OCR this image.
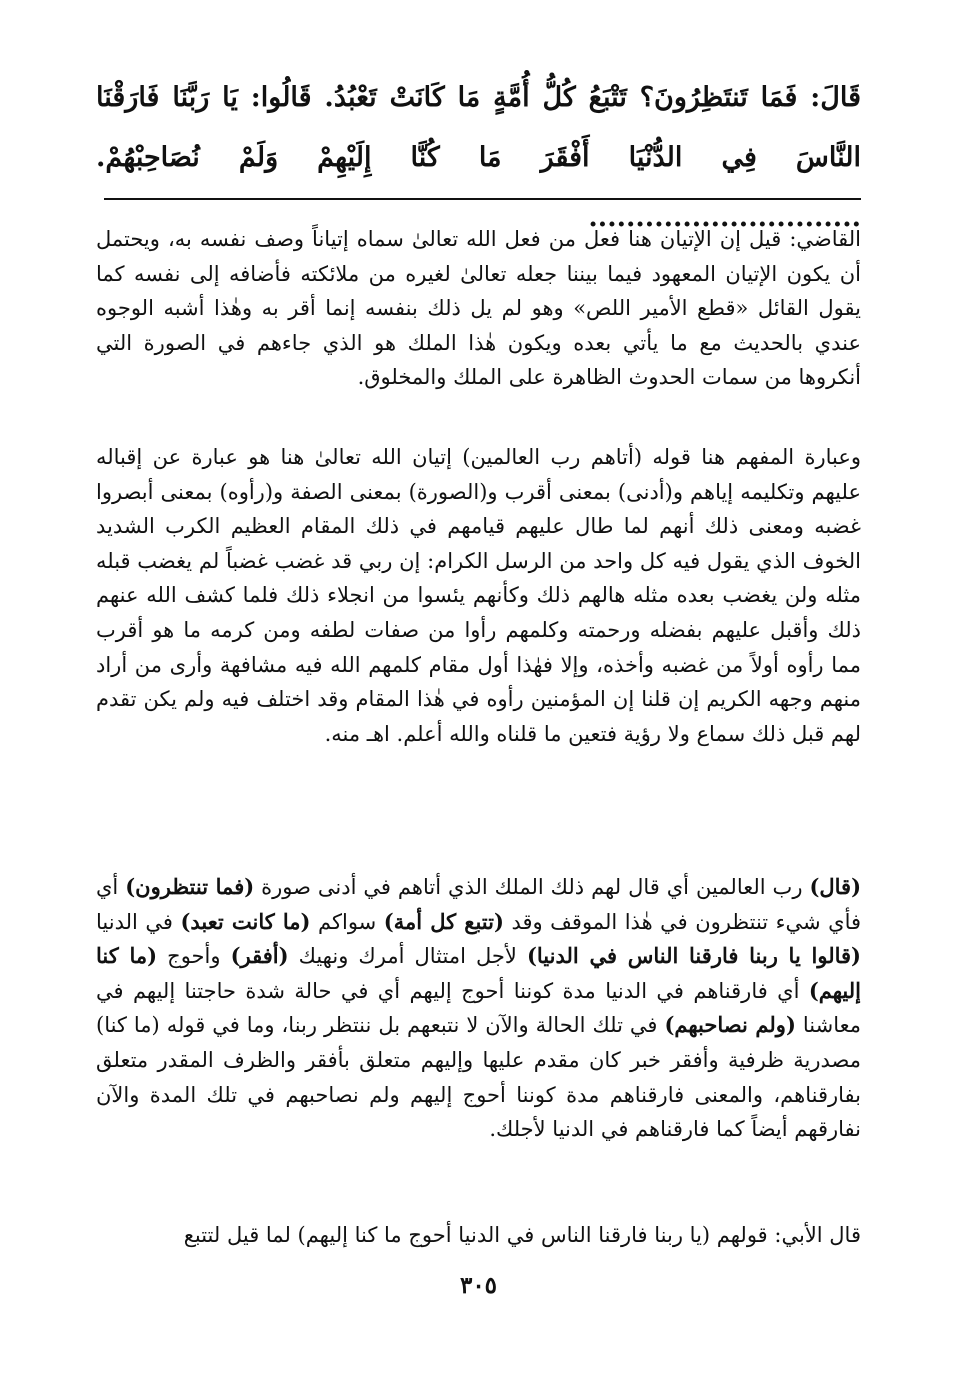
قَالَ: فَمَا تَنتَظِرُونَ؟ تَتْبَعُ كُلُّ أُمَّةٍ مَا كَانَتْ تَعْبُدُ. قَالُوا: يَا رَبَّنَا فَارَقْنَا النَّاسَ فِي الدُّنْيَا أَفْقَرَ مَا كُنَّا إِلَيْهِمْ وَلَمْ نُصَاحِبْهُمْ. .............................

القاضي: قيل إن الإتيان هنا فعل من فعل الله تعالىٰ سماه إتياناً وصف نفسه به، ويحتمل أن يكون الإتيان المعهود فيما بيننا جعله تعالىٰ لغيره من ملائكته فأضافه إلى نفسه كما يقول القائل «قطع الأمير اللص» وهو لم يل ذلك بنفسه إنما أقر به وهٰذا أشبه الوجوه عندي بالحديث مع ما يأتي بعده ويكون هٰذا الملك هو الذي جاءهم في الصورة التي أنكروها من سمات الحدوث الظاهرة على الملك والمخلوق.

وعبارة المفهم هنا قوله (أتاهم رب العالمين) إتيان الله تعالىٰ هنا هو عبارة عن إقباله عليهم وتكليمه إياهم و(أدنى) بمعنى أقرب و(الصورة) بمعنى الصفة و(رأوه) بمعنى أبصروا غضبه ومعنى ذلك أنهم لما طال عليهم قيامهم في ذلك المقام العظيم الكرب الشديد الخوف الذي يقول فيه كل واحد من الرسل الكرام: إن ربي قد غضب غضباً لم يغضب قبله مثله ولن يغضب بعده مثله هالهم ذلك وكأنهم يئسوا من انجلاء ذلك فلما كشف الله عنهم ذلك وأقبل عليهم بفضله ورحمته وكلمهم رأوا من صفات لطفه ومن كرمه ما هو أقرب مما رأوه أولاً من غضبه وأخذه، وإلا فهٰذا أول مقام كلمهم الله فيه مشافهة وأرى من أراد منهم وجهه الكريم إن قلنا إن المؤمنين رأوه في هٰذا المقام وقد اختلف فيه ولم يكن تقدم لهم قبل ذلك سماع ولا رؤية فتعين ما قلناه والله أعلم. اهـ منه.

(قال) رب العالمين أي قال لهم ذلك الملك الذي أتاهم في أدنى صورة (فما تنتظرون) أي فأي شيء تنتظرون في هٰذا الموقف وقد (تتبع كل أمة) سواكم (ما كانت تعبد) في الدنيا (قالوا يا ربنا فارقنا الناس في الدنيا) لأجل امتثال أمرك ونهيك (أفقر) وأحوج (ما كنا إليهم) أي فارقناهم في الدنيا مدة كوننا أحوج إليهم أي في حالة شدة حاجتنا إليهم في معاشنا (ولم نصاحبهم) في تلك الحالة والآن لا نتبعهم بل ننتظر ربنا، وما في قوله (ما كنا) مصدرية ظرفية وأفقر خبر كان مقدم عليها وإليهم متعلق بأفقر والظرف المقدر متعلق بفارقناهم، والمعنى فارقناهم مدة كوننا أحوج إليهم ولم نصاحبهم في تلك المدة والآن نفارقهم أيضاً كما فارقناهم في الدنيا لأجلك.

قال الأبي: قولهم (يا ربنا فارقنا الناس في الدنيا أحوج ما كنا إليهم) لما قيل لتتبع

٣٠٥
